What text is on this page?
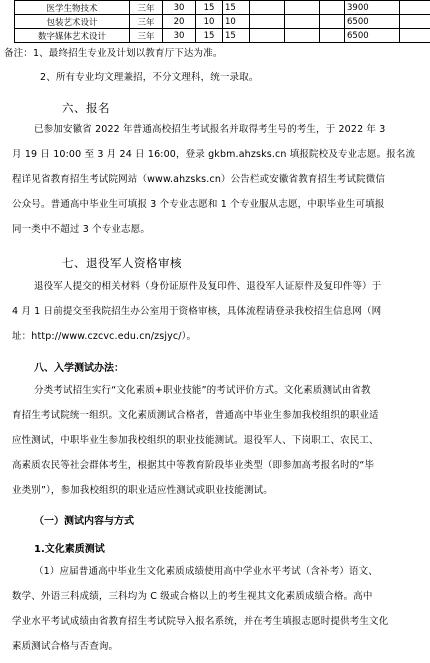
医学生物技术	三年	30	15	15				3900	
包装艺术设计	三年	20	10	10				6500	
数字媒体艺术设计	三年	30	15	15				6500	
备注：1、最终招生专业及计划以教育厅下达为准。
2、所有专业均文理兼招，不分文理科，统一录取。
六、报名
已参加安徽省 2022 年普通高校招生考试报名并取得考生号的考生，于 2022 年 3
月 19 日 10:00 至 3 月 24 日 16:00，登录 gkbm.ahzsks.cn 填报院校及专业志愿。报名流
程详见省教育招生考试院网站（www.ahzsks.cn）公告栏或安徽省教育招生考试院微信
公众号。普通高中毕业生可填报 3 个专业志愿和 1 个专业服从志愿，中职毕业生可填报
同一类中不超过 3 个专业志愿。
七、退役军人资格审核
退役军人提交的相关材料（身份证原件及复印件、退役军人证原件及复印件等）于
4 月 1 日前提交至我院招生办公室用于资格审核，具体流程请登录我校招生信息网（网
址：http://www.czcvc.edu.cn/zsjyc/）。
八、入学测试办法：
分类考试招生实行“文化素质+职业技能”的考试评价方式。文化素质测试由省教
育招生考试院统一组织。文化素质测试合格者，普通高中毕业生参加我校组织的职业适
应性测试，中职毕业生参加我校组织的职业技能测试。退役军人、下岗职工、农民工、
高素质农民等社会群体考生，根据其中等教育阶段毕业类型（即参加高考报名时的“毕
业类别”），参加我校组织的职业适应性测试或职业技能测试。
（一）测试内容与方式
1.文化素质测试
（1）应届普通高中毕业生文化素质成绩使用高中学业水平考试（含补考）语文、
数学、外语三科成绩，三科均为 C 级或合格以上的考生视其文化素质成绩合格。高中
学业水平考试成绩由省教育招生考试院导入报名系统，并在考生填报志愿时提供考生文化
素质测试合格与否查询。
